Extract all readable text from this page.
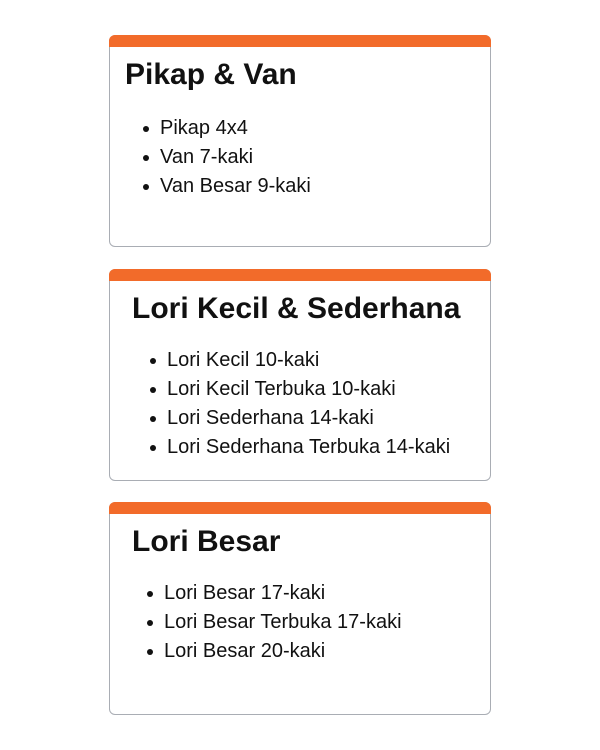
Pikap & Van
Pikap 4x4
Van 7-kaki
Van Besar 9-kaki
Lori Kecil & Sederhana
Lori Kecil 10-kaki
Lori Kecil Terbuka 10-kaki
Lori Sederhana 14-kaki
Lori Sederhana Terbuka 14-kaki
Lori Besar
Lori Besar 17-kaki
Lori Besar Terbuka 17-kaki
Lori Besar 20-kaki
